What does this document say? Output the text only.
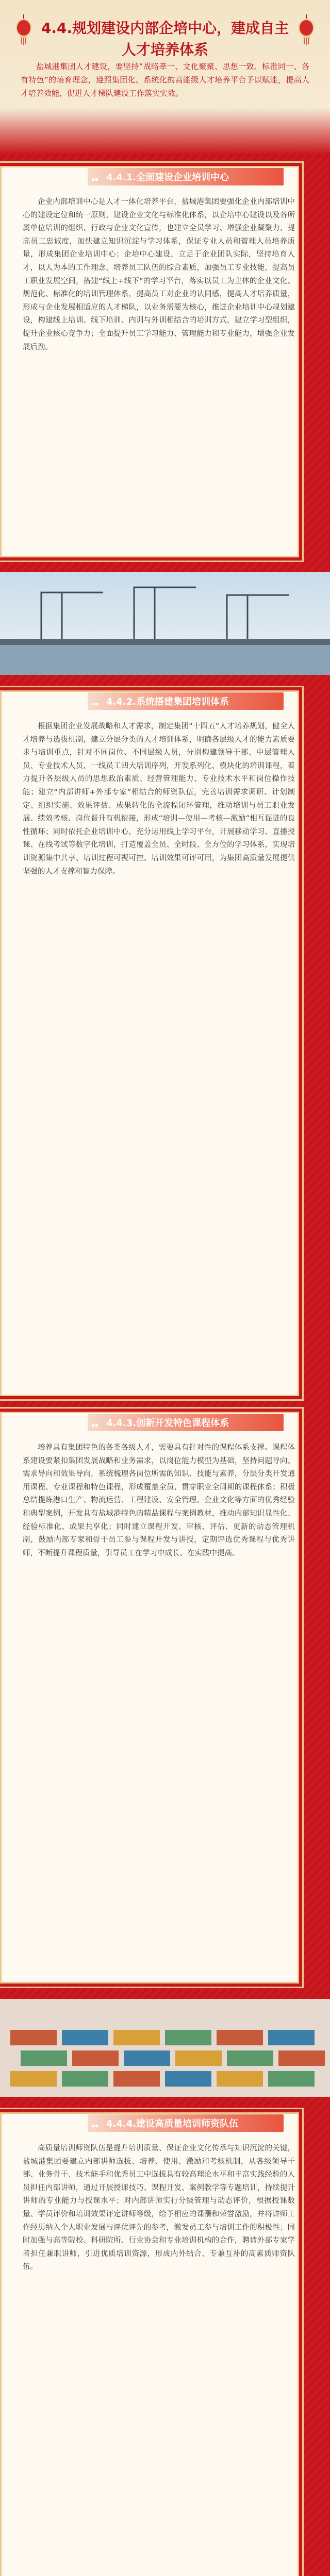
4.4.规划建设内部企培中心，建成自主
人才培养体系

盐城港集团人才建设，要坚持“战略牵一、文化聚聚、思想一致、标准同一、各有特色”的培育理念，遵照集团化、系统化的高能级人才培养平台予以赋能，提高人才培养效能，促进人才梯队建设工作落实实效。

4.4.1.全面建设企业培训中心

企业内部培训中心是人才一体化培养平台，盐城港集团要强化企业内部培训中心的建设定位和统一原则，建设企业文化与标准化体系，以企培中心建设以及各所属单位培训的组织、行政与企业文化宣传，也建立全员学习、增强企业凝聚力、提高员工忠诚度，加快建立知识沉淀与学习体系，保证专业人员和管理人员培养质量，形成集团企业培训中心；企培中心建设，立足于企业团队实际，坚持培育人才，以人为本的工作理念，培养员工队伍的综合素质，加强员工专业技能，提高员工职业发展空间，搭建“线上+线下”的学习平台，落实以员工为主体的企业文化、规范化、标准化的培训管理体系，提高员工对企业的认同感，提高人才培养质量，形成与企业发展相适应的人才梯队，以业务需要为核心，推进企业培训中心规划建设，构建线上培训、线下培训、内训与外训相结合的培训方式，建立学习型组织，提升企业核心竞争力；全面提升员工学习能力、管理能力和专业能力，增强企业发展后劲。

4.4.2.系统搭建集团培训体系

根据集团企业发展战略和人才需求，制定集团“十四五”人才培养规划，健全人才培养与选拔机制，建立分层分类的人才培训体系，明确各层级人才的能力素质要求与培训重点，针对不同岗位、不同层级人员，分别构建领导干部、中层管理人员、专业技术人员、一线员工四大培训序列，开发系列化、模块化的培训课程，着力提升各层级人员的思想政治素质、经营管理能力、专业技术水平和岗位操作技能；建立“内部讲师+外部专家”相结合的师资队伍，完善培训需求调研、计划制定、组织实施、效果评估、成果转化的全流程闭环管理，推动培训与员工职业发展、绩效考核、岗位晋升有机衔接，形成“培训—使用—考核—激励”相互促进的良性循环；同时依托企业培训中心，充分运用线上学习平台，开展移动学习、直播授课、在线考试等数字化培训，打造覆盖全员、全时段、全方位的学习体系，实现培训资源集中共享、培训过程可视可控、培训效果可评可用，为集团高质量发展提供坚强的人才支撑和智力保障。

4.4.3.创新开发特色课程体系

培养具有集团特色的各类各级人才，需要具有针对性的课程体系支撑。课程体系建设要紧扣集团发展战略和业务需求，以岗位能力模型为基础，坚持问题导向、需求导向和效果导向，系统梳理各岗位所需的知识、技能与素养，分层分类开发通用课程、专业课程和特色课程，形成覆盖全员、贯穿职业全周期的课程体系；积极总结提炼港口生产、物流运营、工程建设、安全管理、企业文化等方面的优秀经验和典型案例，开发具有盐城港特色的精品课程与案例教材，推动内部知识显性化、经验标准化、成果共享化；同时建立课程开发、审核、评估、更新的动态管理机制，鼓励内部专家和骨干员工参与课程开发与讲授，定期评选优秀课程与优秀讲师，不断提升课程质量，引导员工在学习中成长、在实践中提高。

4.4.4.建设高质量培训师资队伍

高质量培训师资队伍是提升培训质量、保证企业文化传承与知识沉淀的关键，盐城港集团要建立内部讲师选拔、培养、使用、激励和考核机制，从各级领导干部、业务骨干、技术能手和优秀员工中选拔具有较高理论水平和丰富实践经验的人员担任内部讲师，通过开展授课技巧、课程开发、案例教学等专题培训，持续提升讲师的专业能力与授课水平；对内部讲师实行分级管理与动态评价，根据授课数量、学员评价和培训效果评定讲师等级，给予相应的课酬和荣誉激励，并将讲师工作经历纳入个人职业发展与评优评先的参考，激发员工参与培训工作的积极性；同时加强与高等院校、科研院所、行业协会和专业培训机构的合作，聘请外部专家学者担任兼职讲师，引进优质培训资源，形成内外结合、专兼互补的高素质师资队伍。
